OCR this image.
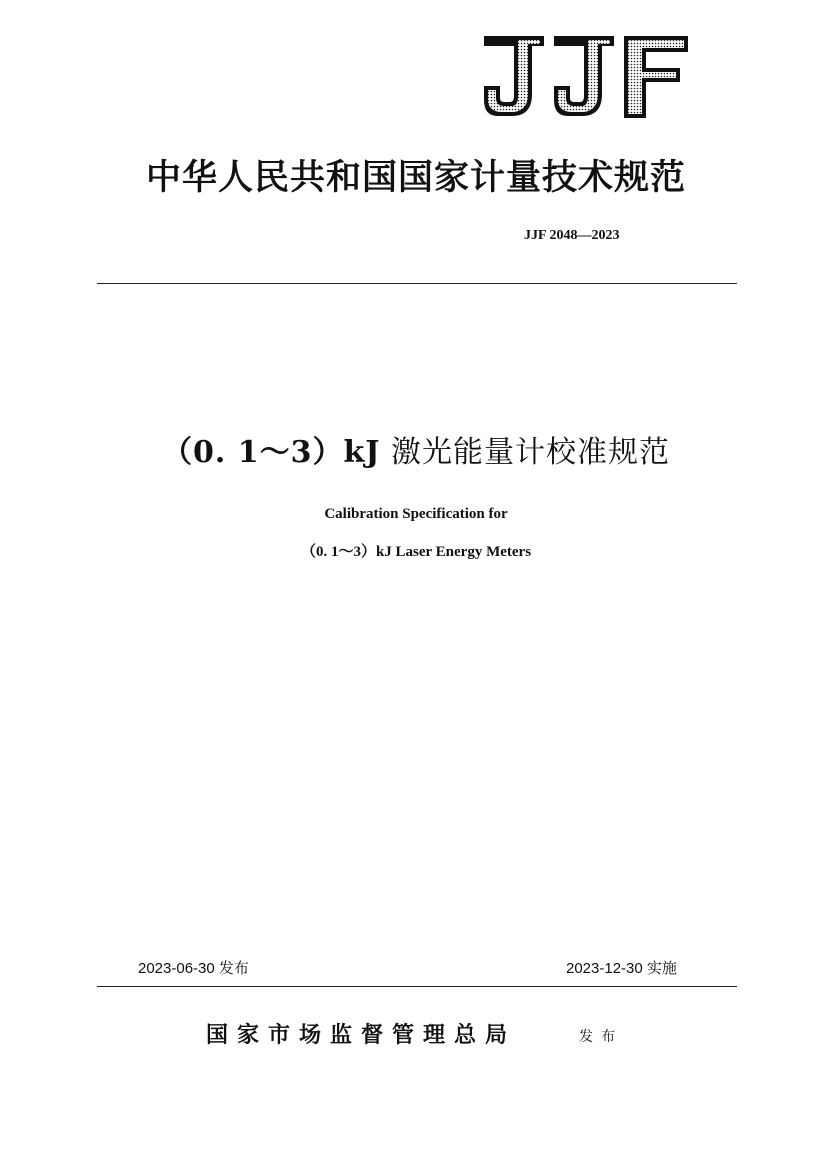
中华人民共和国国家计量技术规范
JJF 2048—2023
（0. 1～3）kJ 激光能量计校准规范
Calibration Specification for
（0. 1～3）kJ Laser Energy Meters
2023-06-30 发布	2023-12-30 实施
国家市场监督管理总局	发布
